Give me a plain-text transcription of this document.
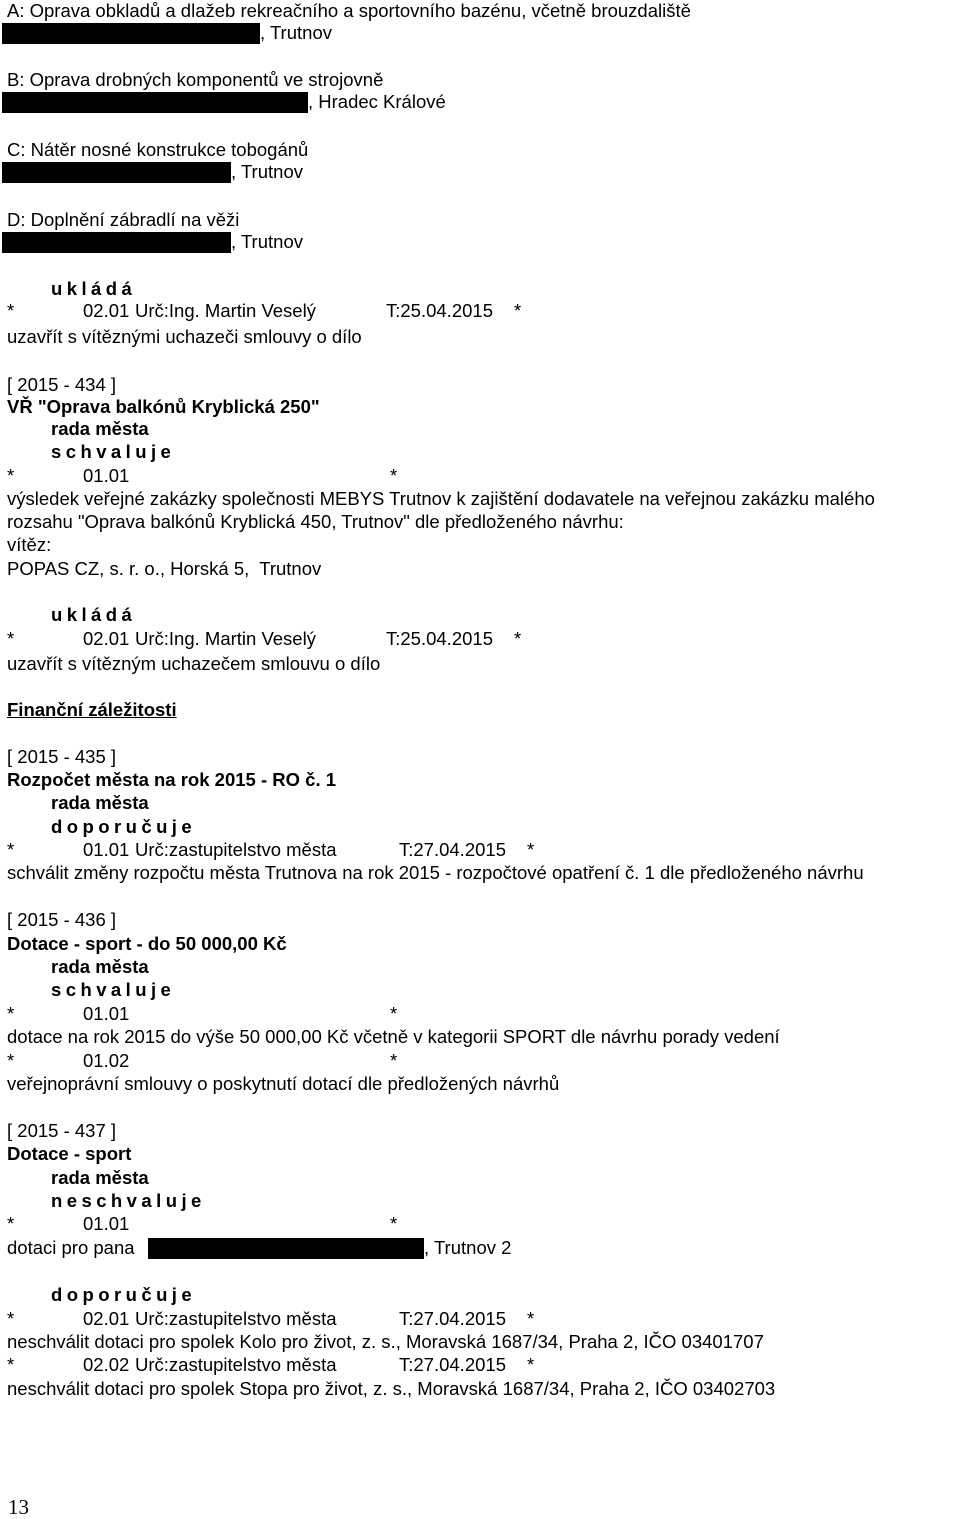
A: Oprava obkladů a dlažeb rekreačního a sportovního bazénu, včetně brouzdaliště
, Trutnov
B: Oprava drobných komponentů ve strojovně
, Hradec Králové
C: Nátěr nosné konstrukce tobogánů
, Trutnov
D: Doplnění zábradlí na věži
, Trutnov
ukládá
*	02.01 Urč:Ing. Martin Veselý	T:25.04.2015 *
uzavřít s vítěznými uchazeči smlouvy o dílo
[ 2015 - 434 ]
VŘ "Oprava balkónů Kryblická 250"
rada města
schvaluje
*	01.01	*
výsledek veřejné zakázky společnosti MEBYS Trutnov k zajištění dodavatele na veřejnou zakázku malého
rozsahu "Oprava balkónů Kryblická 450, Trutnov" dle předloženého návrhu:
vítěz:
POPAS CZ, s. r. o., Horská 5,  Trutnov
ukládá
*	02.01 Urč:Ing. Martin Veselý	T:25.04.2015 *
uzavřít s vítězným uchazečem smlouvu o dílo
Finanční záležitosti
[ 2015 - 435 ]
Rozpočet města na rok 2015 - RO č. 1
rada města
doporučuje
*	01.01 Urč:zastupitelstvo města	T:27.04.2015 *
schválit změny rozpočtu města Trutnova na rok 2015 - rozpočtové opatření č. 1 dle předloženého návrhu
[ 2015 - 436 ]
Dotace - sport - do 50 000,00 Kč
rada města
schvaluje
*	01.01	*
dotace na rok 2015 do výše 50 000,00 Kč včetně v kategorii SPORT dle návrhu porady vedení
*	01.02	*
veřejnoprávní smlouvy o poskytnutí dotací dle předložených návrhů
[ 2015 - 437 ]
Dotace - sport
rada města
neschvaluje
*	01.01	*
dotaci pro pana	, Trutnov 2
doporučuje
*	02.01 Urč:zastupitelstvo města	T:27.04.2015 *
neschválit dotaci pro spolek Kolo pro život, z. s., Moravská 1687/34, Praha 2, IČO 03401707
*	02.02 Urč:zastupitelstvo města	T:27.04.2015 *
neschválit dotaci pro spolek Stopa pro život, z. s., Moravská 1687/34, Praha 2, IČO 03402703
13
